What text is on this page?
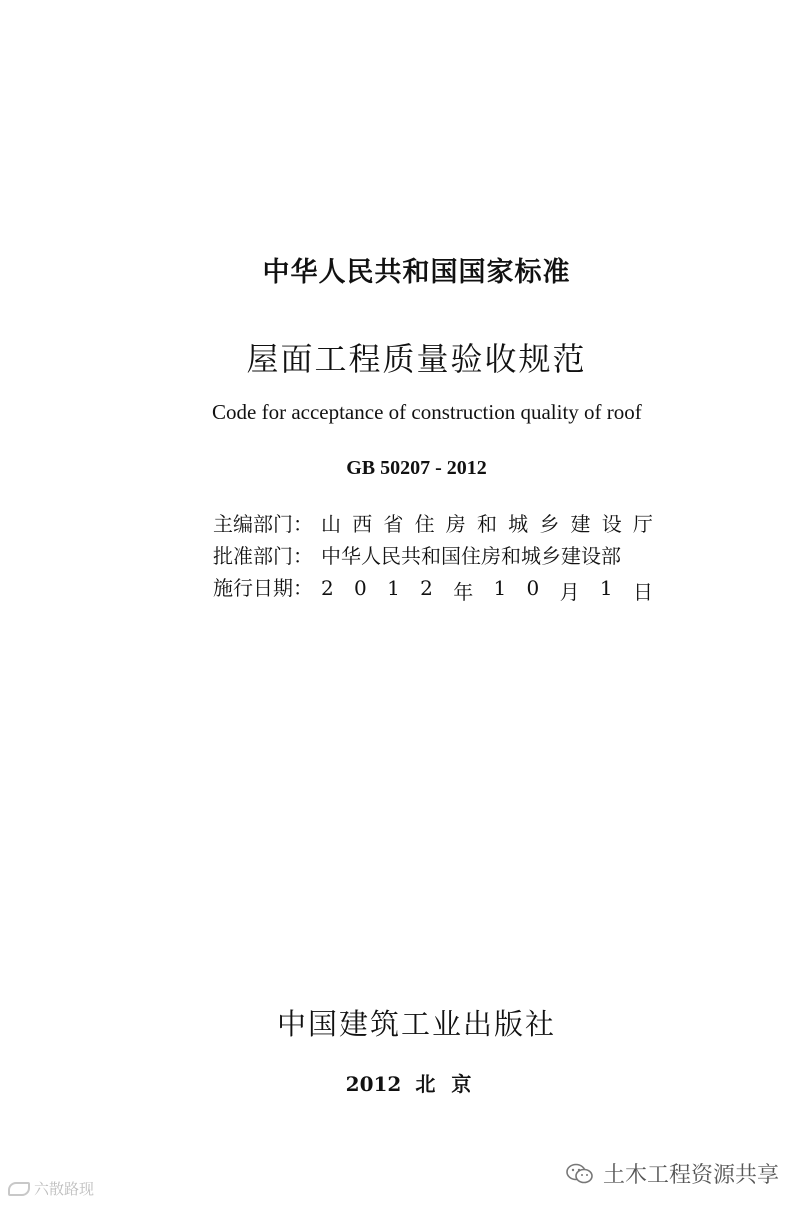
中华人民共和国国家标准
屋面工程质量验收规范
Code for acceptance of construction quality of roof
GB 50207 - 2012
主编部门： 山 西 省 住 房 和 城 乡 建 设 厅
批准部门： 中华人民共和国住房和城乡建设部
施行日期： 2 0 1 2 年 1 0 月 1 日
中国建筑工业出版社
2012 北京
六散路现
土木工程资源共享
